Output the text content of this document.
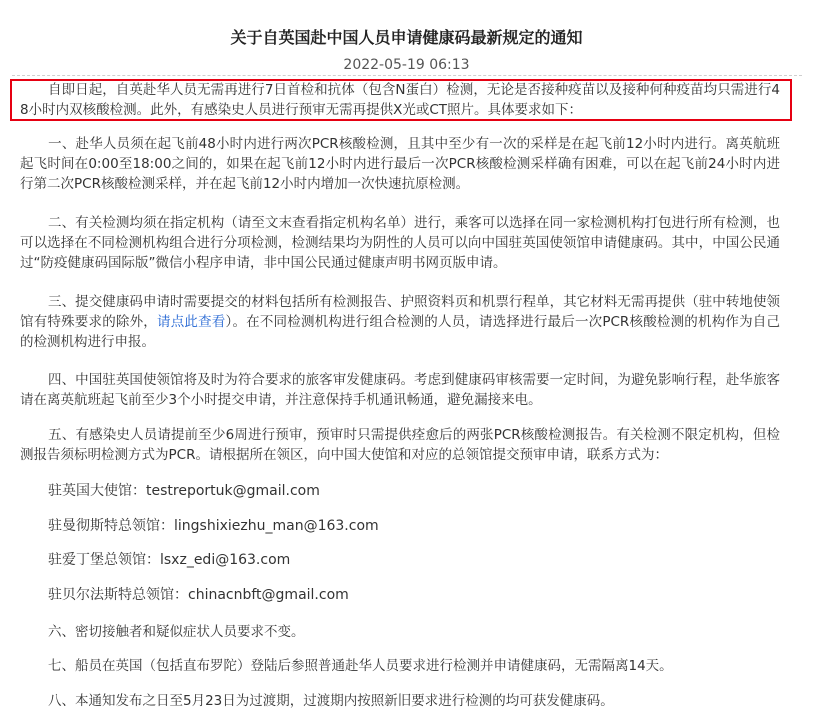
关于自英国赴中国人员申请健康码最新规定的通知
2022-05-19 06:13

自即日起，自英赴华人员无需再进行7日首检和抗体（包含N蛋白）检测，无论是否接种疫苗以及接种何种疫苗均只需进行48小时内双核酸检测。此外，有感染史人员进行预审无需再提供X光或CT照片。具体要求如下：

一、赴华人员须在起飞前48小时内进行两次PCR核酸检测，且其中至少有一次的采样是在起飞前12小时内进行。离英航班起飞时间在0:00至18:00之间的，如果在起飞前12小时内进行最后一次PCR核酸检测采样确有困难，可以在起飞前24小时内进行第二次PCR核酸检测采样，并在起飞前12小时内增加一次快速抗原检测。

二、有关检测均须在指定机构（请至文末查看指定机构名单）进行，乘客可以选择在同一家检测机构打包进行所有检测，也可以选择在不同检测机构组合进行分项检测，检测结果均为阴性的人员可以向中国驻英国使领馆申请健康码。其中，中国公民通过“防疫健康码国际版”微信小程序申请，非中国公民通过健康声明书网页版申请。

三、提交健康码申请时需要提交的材料包括所有检测报告、护照资料页和机票行程单，其它材料无需再提供（驻中转地使领馆有特殊要求的除外，请点此查看）。在不同检测机构进行组合检测的人员，请选择进行最后一次PCR核酸检测的机构作为自己的检测机构进行申报。

四、中国驻英国使领馆将及时为符合要求的旅客审发健康码。考虑到健康码审核需要一定时间，为避免影响行程，赴华旅客请在离英航班起飞前至少3个小时提交申请，并注意保持手机通讯畅通，避免漏接来电。

五、有感染史人员请提前至少6周进行预审，预审时只需提供痊愈后的两张PCR核酸检测报告。有关检测不限定机构，但检测报告须标明检测方式为PCR。请根据所在领区，向中国大使馆和对应的总领馆提交预审申请，联系方式为：

驻英国大使馆：testreportuk@gmail.com
驻曼彻斯特总领馆：lingshixiezhu_man@163.com
驻爱丁堡总领馆：lsxz_edi@163.com
驻贝尔法斯特总领馆：chinacnbft@gmail.com

六、密切接触者和疑似症状人员要求不变。

七、船员在英国（包括直布罗陀）登陆后参照普通赴华人员要求进行检测并申请健康码，无需隔离14天。

八、本通知发布之日至5月23日为过渡期，过渡期内按照新旧要求进行检测的均可获发健康码。
